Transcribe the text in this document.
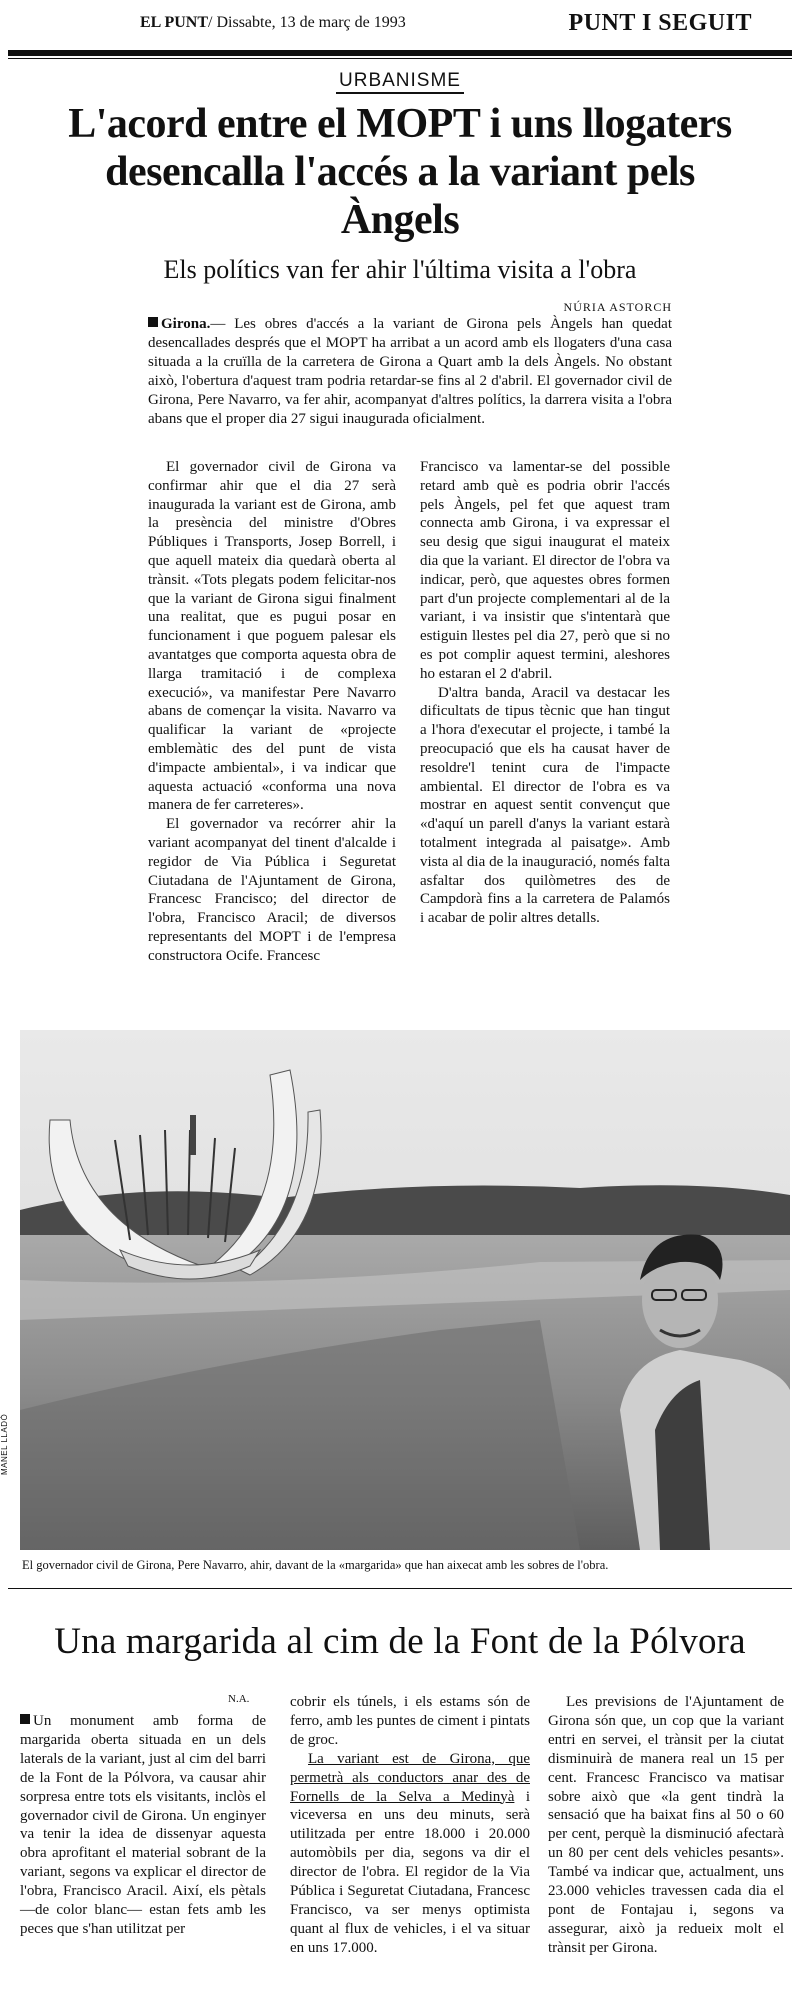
EL PUNT/ Dissabte, 13 de març de 1993	PUNT I SEGUIT
URBANISME
L'acord entre el MOPT i uns llogaters desencalla l'accés a la variant pels Àngels
Els polítics van fer ahir l'última visita a l'obra
NÚRIA ASTORCH
Girona.— Les obres d'accés a la variant de Girona pels Àngels han quedat desencallades després que el MOPT ha arribat a un acord amb els llogaters d'una casa situada a la cruïlla de la carretera de Girona a Quart amb la dels Àngels. No obstant això, l'obertura d'aquest tram podria retardar-se fins al 2 d'abril. El governador civil de Girona, Pere Navarro, va fer ahir, acompanyat d'altres polítics, la darrera visita a l'obra abans que el proper dia 27 sigui inaugurada oficialment.

El governador civil de Girona va confirmar ahir que el dia 27 serà inaugurada la variant est de Girona, amb la presència del ministre d'Obres Públiques i Transports, Josep Borrell, i que aquell mateix dia quedarà oberta al trànsit. «Tots plegats podem felicitar-nos que la variant de Girona sigui finalment una realitat, que es pugui posar en funcionament i que poguem palesar els avantatges que comporta aquesta obra de llarga tramitació i de complexa execució», va manifestar Pere Navarro abans de començar la visita. Navarro va qualificar la variant de «projecte emblemàtic des del punt de vista d'impacte ambiental», i va indicar que aquesta actuació «conforma una nova manera de fer carreteres».

El governador va recórrer ahir la variant acompanyat del tinent d'alcalde i regidor de Via Pública i Seguretat Ciutadana de l'Ajuntament de Girona, Francesc Francisco; del director de l'obra, Francisco Aracil; de diversos representants del MOPT i de l'empresa constructora Ocife. Francesc

Francisco va lamentar-se del possible retard amb què es podria obrir l'accés pels Àngels, pel fet que aquest tram connecta amb Girona, i va expressar el seu desig que sigui inaugurat el mateix dia que la variant. El director de l'obra va indicar, però, que aquestes obres formen part d'un projecte complementari al de la variant, i va insistir que s'intentarà que estiguin llestes pel dia 27, però que si no es pot complir aquest termini, aleshores ho estaran el 2 d'abril.

D'altra banda, Aracil va destacar les dificultats de tipus tècnic que han tingut a l'hora d'executar el projecte, i també la preocupació que els ha causat haver de resoldre'l tenint cura de l'impacte ambiental. El director de l'obra es va mostrar en aquest sentit convençut que «d'aquí un parell d'anys la variant estarà totalment integrada al paisatge». Amb vista al dia de la inauguració, només falta asfaltar dos quilòmetres des de Campdorà fins a la carretera de Palamós i acabar de polir altres detalls.

MANEL LLADÓ
El governador civil de Girona, Pere Navarro, ahir, davant de la «margarida» que han aixecat amb les sobres de l'obra.
Una margarida al cim de la Font de la Pólvora
N.A.

Un monument amb forma de margarida oberta situada en un dels laterals de la variant, just al cim del barri de la Font de la Pólvora, va causar ahir sorpresa entre tots els visitants, inclòs el governador civil de Girona. Un enginyer va tenir la idea de dissenyar aquesta obra aprofitant el material sobrant de la variant, segons va explicar el director de l'obra, Francisco Aracil. Així, els pètals —de color blanc— estan fets amb les peces que s'han utilitzat per

cobrir els túnels, i els estams són de ferro, amb les puntes de ciment i pintats de groc.

La variant est de Girona, que permetrà als conductors anar des de Fornells de la Selva a Medinyà i viceversa en uns deu minuts, serà utilitzada per entre 18.000 i 20.000 automòbils per dia, segons va dir el director de l'obra. El regidor de la Via Pública i Seguretat Ciutadana, Francesc Francisco, va ser menys optimista quant al flux de vehicles, i el va situar en uns 17.000.

Les previsions de l'Ajuntament de Girona són que, un cop que la variant entri en servei, el trànsit per la ciutat disminuirà de manera real un 15 per cent. Francesc Francisco va matisar sobre això que «la gent tindrà la sensació que ha baixat fins al 50 o 60 per cent, perquè la disminució afectarà un 80 per cent dels vehicles pesants». També va indicar que, actualment, uns 23.000 vehicles travessen cada dia el pont de Fontajau i, segons va assegurar, això ja redueix molt el trànsit per Girona.
